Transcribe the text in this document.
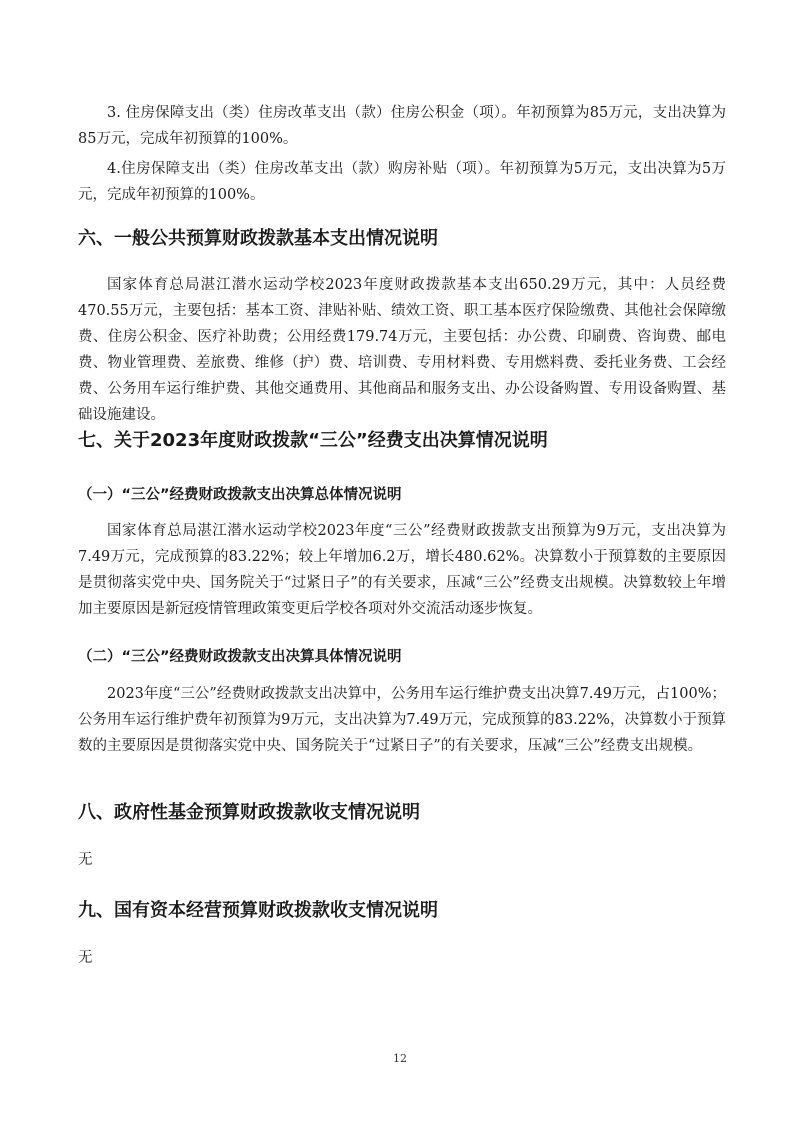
3. 住房保障支出（类）住房改革支出（款）住房公积金（项）。年初预算为85万元，支出决算为85万元，完成年初预算的100%。

4.住房保障支出（类）住房改革支出（款）购房补贴（项）。年初预算为5万元，支出决算为5万元，完成年初预算的100%。

六、一般公共预算财政拨款基本支出情况说明

国家体育总局湛江潜水运动学校2023年度财政拨款基本支出650.29万元，其中：人员经费470.55万元，主要包括：基本工资、津贴补贴、绩效工资、职工基本医疗保险缴费、其他社会保障缴费、住房公积金、医疗补助费；公用经费179.74万元，主要包括：办公费、印刷费、咨询费、邮电费、物业管理费、差旅费、维修（护）费、培训费、专用材料费、专用燃料费、委托业务费、工会经费、公务用车运行维护费、其他交通费用、其他商品和服务支出、办公设备购置、专用设备购置、基础设施建设。

七、关于2023年度财政拨款“三公”经费支出决算情况说明
（一）“三公”经费财政拨款支出决算总体情况说明

国家体育总局湛江潜水运动学校2023年度“三公”经费财政拨款支出预算为9万元，支出决算为7.49万元，完成预算的83.22%；较上年增加6.2万，增长480.62%。决算数小于预算数的主要原因是贯彻落实党中央、国务院关于“过紧日子”的有关要求，压减“三公”经费支出规模。决算数较上年增加主要原因是新冠疫情管理政策变更后学校各项对外交流活动逐步恢复。

（二）“三公”经费财政拨款支出决算具体情况说明

2023年度“三公”经费财政拨款支出决算中，公务用车运行维护费支出决算7.49万元，占100%；公务用车运行维护费年初预算为9万元，支出决算为7.49万元，完成预算的83.22%，决算数小于预算数的主要原因是贯彻落实党中央、国务院关于“过紧日子”的有关要求，压减“三公”经费支出规模。

八、政府性基金预算财政拨款收支情况说明

无

九、国有资本经营预算财政拨款收支情况说明

无

12
